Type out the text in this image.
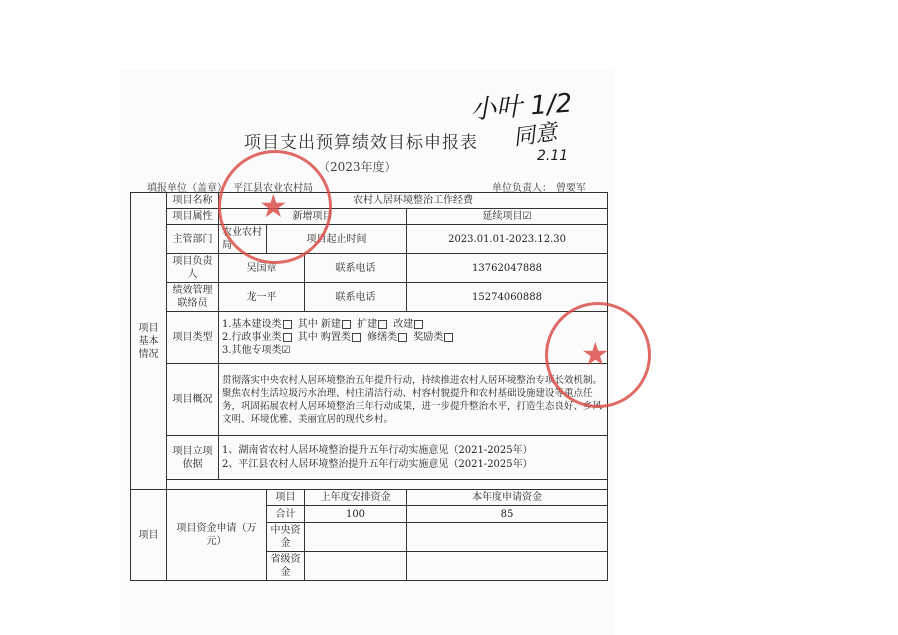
小叶 1/2
同意
2.11
项目支出预算绩效目标申报表
（2023年度）
填报单位（盖章） 平江县农业农村局	单位负责人： 曾要军
项目基本情况	项目名称	农村人居环境整治工作经费			
	项目属性	新增项目			延续项目☑
	主管部门	农业农村局	项目起止时间		2023.01.01-2023.12.30
	项目负责人	吴国章		联系电话	13762047888
	绩效管理联络员	龙一平		联系电话	15274060888
	项目类型	1.基本建设类 其中 新建 扩建 改建
2.行政事业类 其中 购置类 修缮类 奖励类
3.其他专项类☑			

	项目概况	贯彻落实中央农村人居环境整治五年提升行动，持续推进农村人居环境整治专项长效机制。聚焦农村生活垃圾污水治理、村庄清洁行动、村容村貌提升和农村基础设施建设等重点任务，巩固拓展农村人居环境整治三年行动成果，进一步提升整治水平，打造生态良好、乡风文明、环境优雅、美丽宜居的现代乡村。			
	项目立项依据	1、湖南省农村人居环境整治提升五年行动实施意见（2021-2025年）
2、平江县农村人居环境整治提升五年行动实施意见（2021-2025年）			

项目	项目资金申请（万元）		项目	上年度安排资金	本年度申请资金
			合计	100	85
			中央资金		
			省级资金		
★
★
